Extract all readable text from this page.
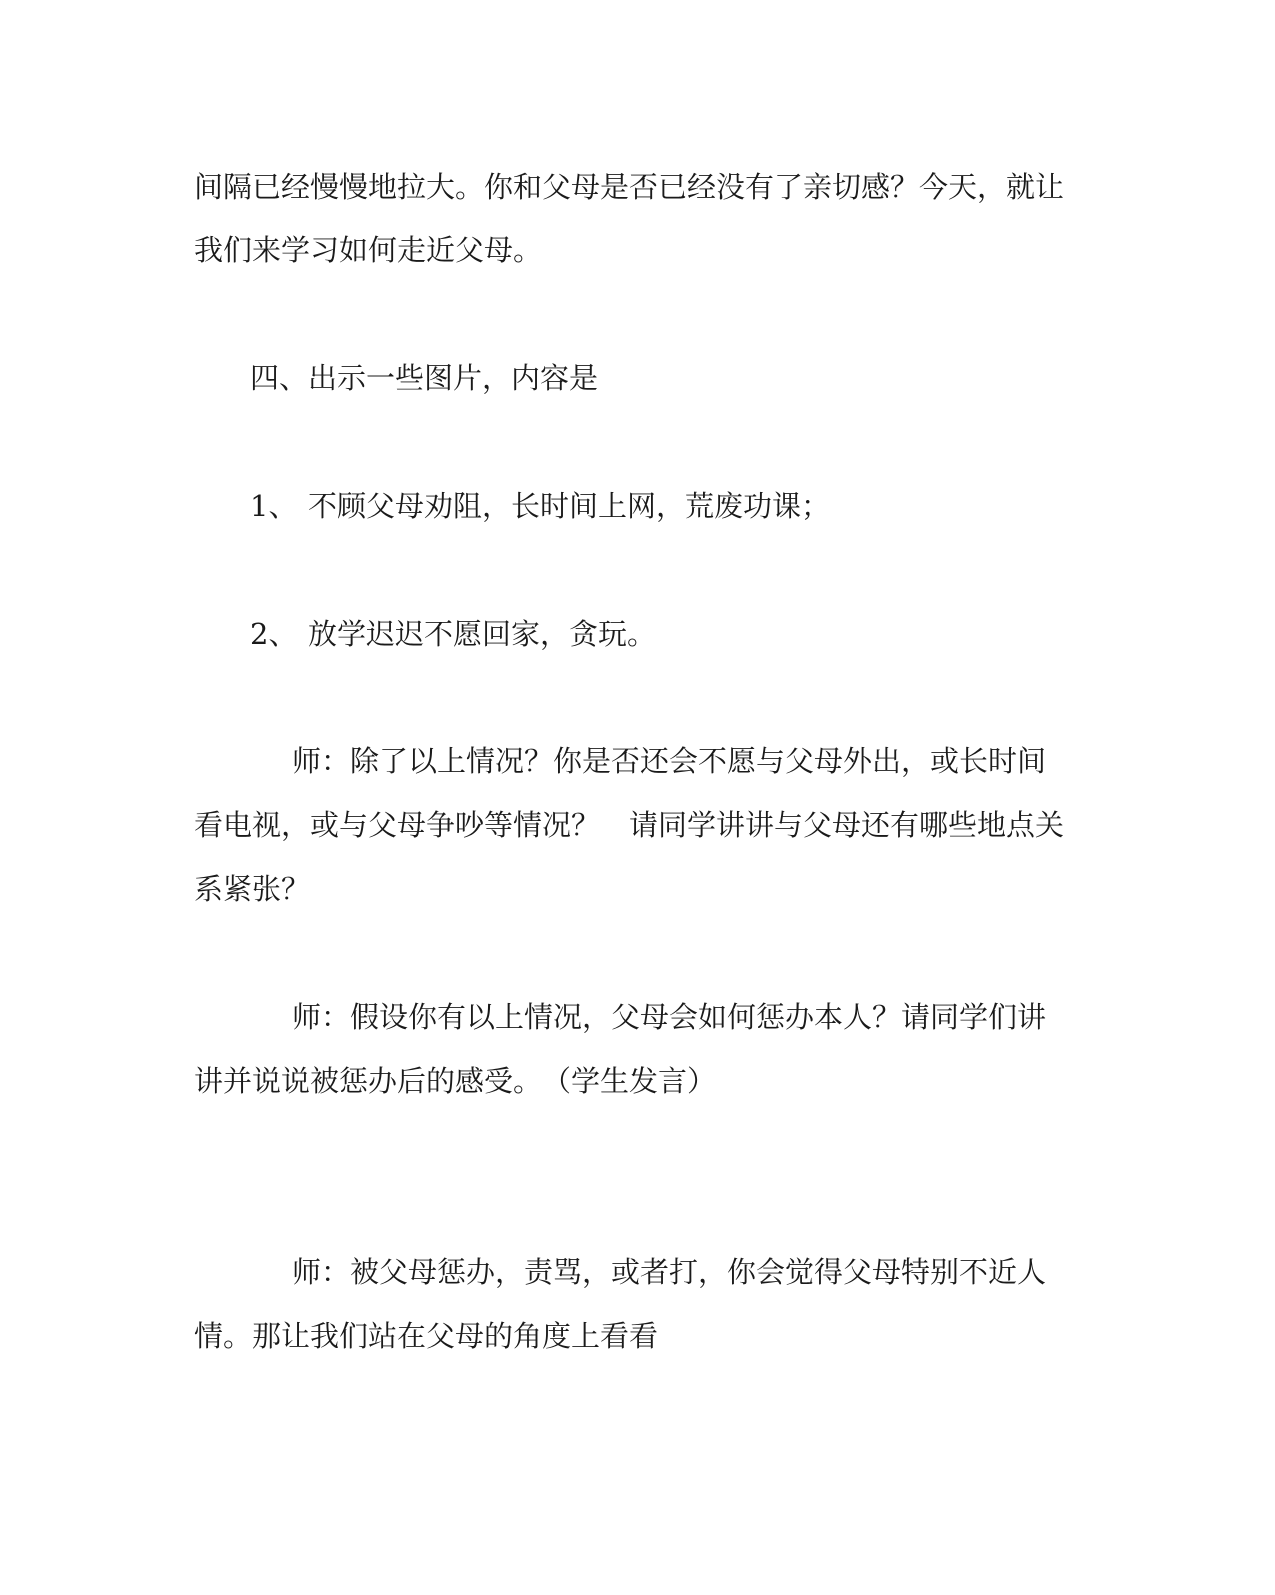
间隔已经慢慢地拉大。你和父母是否已经没有了亲切感？今天，就让
我们来学习如何走近父母。
四、出示一些图片，内容是
1、 不顾父母劝阻，长时间上网，荒废功课；
2、 放学迟迟不愿回家，贪玩。
师：除了以上情况？你是否还会不愿与父母外出，或长时间
看电视，或与父母争吵等情况？　请同学讲讲与父母还有哪些地点关
系紧张？
师：假设你有以上情况，父母会如何惩办本人？请同学们讲
讲并说说被惩办后的感受。　（学生发言）
师：被父母惩办，责骂，或者打，你会觉得父母特别不近人
情。那让我们站在父母的角度上看看
